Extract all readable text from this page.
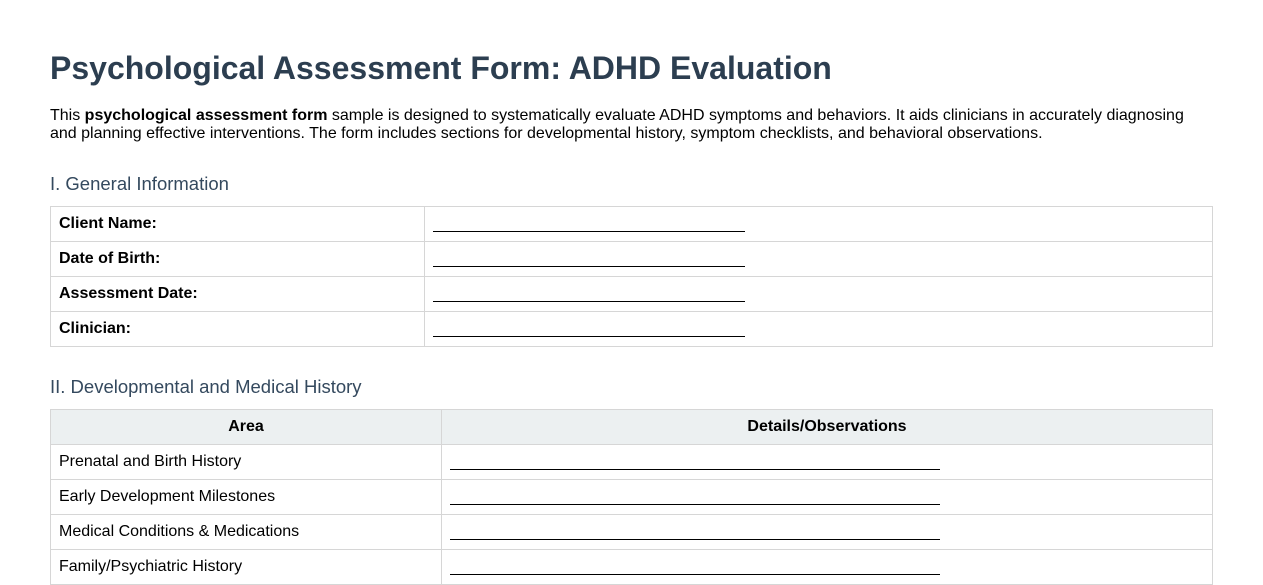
Psychological Assessment Form: ADHD Evaluation

This psychological assessment form sample is designed to systematically evaluate ADHD symptoms and behaviors. It aids clinicians in accurately diagnosing and planning effective interventions. The form includes sections for developmental history, symptom checklists, and behavioral observations.

I. General Information
Client Name:	
Date of Birth:	
Assessment Date:	
Clinician:	
II. Developmental and Medical History
Area	Details/Observations
Prenatal and Birth History	
Early Development Milestones	
Medical Conditions & Medications	
Family/Psychiatric History	
